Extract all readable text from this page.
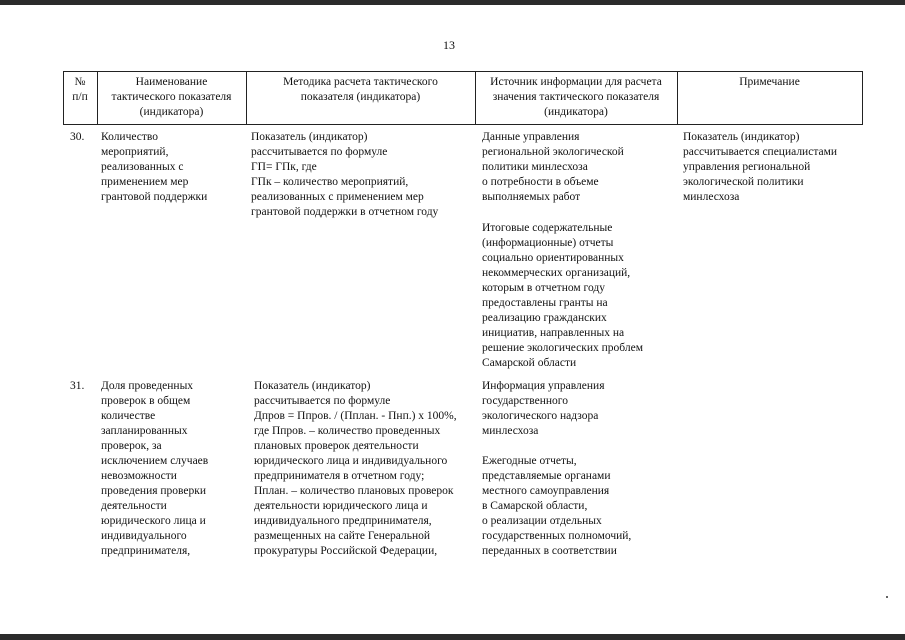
13
№
п/п
Наименование
тактического показателя
(индикатора)
Методика расчета тактического
показателя (индикатора)
Источник информации для расчета
значения тактического показателя
(индикатора)
Примечание
30. Количество
мероприятий,
реализованных с
применением мер
грантовой поддержки
Показатель (индикатор)
рассчитывается по формуле
ГП= ГПк, где
ГПк – количество мероприятий,
реализованных с применением мер
грантовой поддержки в отчетном году
Данные управления
региональной экологической
политики минлесхоза
о потребности в объеме
выполняемых работ
Итоговые содержательные
(информационные) отчеты
социально ориентированных
некоммерческих организаций,
которым в отчетном году
предоставлены гранты на
реализацию гражданских
инициатив, направленных на
решение экологических проблем
Самарской области
Показатель (индикатор)
рассчитывается специалистами
управления региональной
экологической политики
минлесхоза
31. Доля проведенных
проверок в общем
количестве
запланированных
проверок, за
исключением случаев
невозможности
проведения проверки
деятельности
юридического лица и
индивидуального
предпринимателя,
Показатель (индикатор)
рассчитывается по формуле
Дпров = Ппров. / (Пплан. - Пнп.) x 100%,
где Ппров. – количество проведенных
плановых проверок деятельности
юридического лица и индивидуального
предпринимателя в отчетном году;
Пплан. – количество плановых проверок
деятельности юридического лица и
индивидуального предпринимателя,
размещенных на сайте Генеральной
прокуратуры Российской Федерации,
Информация управления
государственного
экологического надзора
минлесхоза
Ежегодные отчеты,
представляемые органами
местного самоуправления
в Самарской области,
о реализации отдельных
государственных полномочий,
переданных в соответствии
